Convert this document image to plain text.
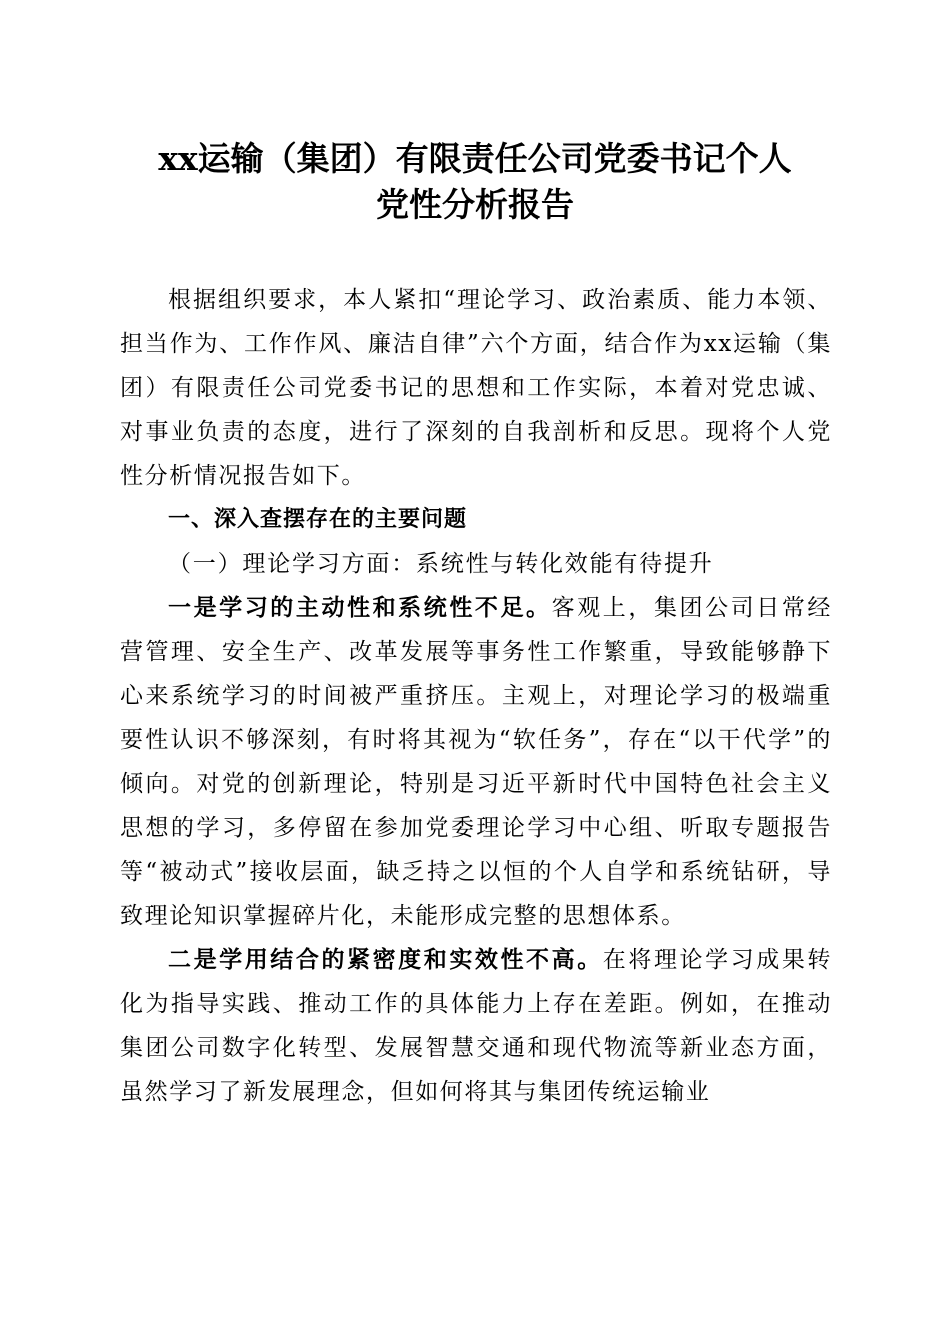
xx运输（集团）有限责任公司党委书记个人
党性分析报告

根据组织要求，本人紧扣“理论学习、政治素质、能力本领、担当作为、工作作风、廉洁自律”六个方面，结合作为xx运输（集团）有限责任公司党委书记的思想和工作实际，本着对党忠诚、对事业负责的态度，进行了深刻的自我剖析和反思。现将个人党性分析情况报告如下。

一、深入查摆存在的主要问题

（一）理论学习方面：系统性与转化效能有待提升

一是学习的主动性和系统性不足。客观上，集团公司日常经营管理、安全生产、改革发展等事务性工作繁重，导致能够静下心来系统学习的时间被严重挤压。主观上，对理论学习的极端重要性认识不够深刻，有时将其视为“软任务”，存在“以干代学”的倾向。对党的创新理论，特别是习近平新时代中国特色社会主义思想的学习，多停留在参加党委理论学习中心组、听取专题报告等“被动式”接收层面，缺乏持之以恒的个人自学和系统钻研，导致理论知识掌握碎片化，未能形成完整的思想体系。

二是学用结合的紧密度和实效性不高。在将理论学习成果转化为指导实践、推动工作的具体能力上存在差距。例如，在推动集团公司数字化转型、发展智慧交通和现代物流等新业态方面，虽然学习了新发展理念，但如何将其与集团传统运输业
